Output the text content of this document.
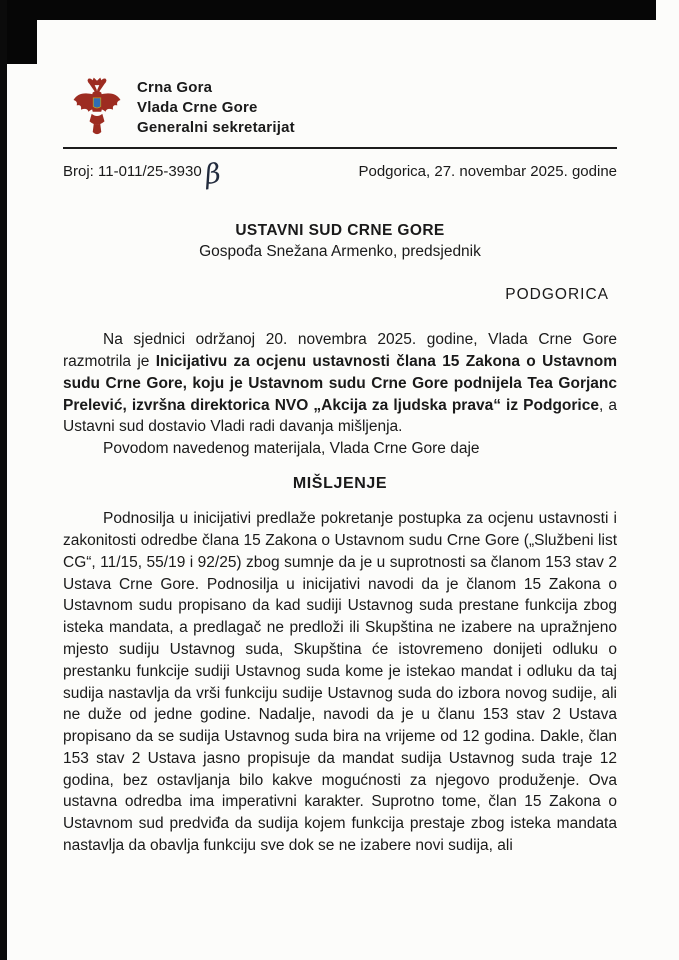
Crna Gora
Vlada Crne Gore
Generalni sekretarijat
Broj: 11-011/25-3930 β	Podgorica, 27. novembar 2025. godine
USTAVNI SUD CRNE GORE
Gospođa Snežana Armenko, predsjednik
PODGORICA

Na sjednici održanoj 20. novembra 2025. godine, Vlada Crne Gore razmotrila je Inicijativu za ocjenu ustavnosti člana 15 Zakona o Ustavnom sudu Crne Gore, koju je Ustavnom sudu Crne Gore podnijela Tea Gorjanc Prelević, izvršna direktorica NVO „Akcija za ljudska prava“ iz Podgorice, a Ustavni sud dostavio Vladi radi davanja mišljenja.

Povodom navedenog materijala, Vlada Crne Gore daje

MIŠLJENJE

Podnosilja u inicijativi predlaže pokretanje postupka za ocjenu ustavnosti i zakonitosti odredbe člana 15 Zakona o Ustavnom sudu Crne Gore („Službeni list CG“, 11/15, 55/19 i 92/25) zbog sumnje da je u suprotnosti sa članom 153 stav 2 Ustava Crne Gore. Podnosilja u inicijativi navodi da je članom 15 Zakona o Ustavnom sudu propisano da kad sudiji Ustavnog suda prestane funkcija zbog isteka mandata, a predlagač ne predloži ili Skupština ne izabere na upražnjeno mjesto sudiju Ustavnog suda, Skupština će istovremeno donijeti odluku o prestanku funkcije sudiji Ustavnog suda kome je istekao mandat i odluku da taj sudija nastavlja da vrši funkciju sudije Ustavnog suda do izbora novog sudije, ali ne duže od jedne godine. Nadalje, navodi da je u članu 153 stav 2 Ustava propisano da se sudija Ustavnog suda bira na vrijeme od 12 godina. Dakle, član 153 stav 2 Ustava jasno propisuje da mandat sudija Ustavnog suda traje 12 godina, bez ostavljanja bilo kakve mogućnosti za njegovo produženje. Ova ustavna odredba ima imperativni karakter. Suprotno tome, član 15 Zakona o Ustavnom sud predviđa da sudija kojem funkcija prestaje zbog isteka mandata nastavlja da obavlja funkciju sve dok se ne izabere novi sudija, ali
